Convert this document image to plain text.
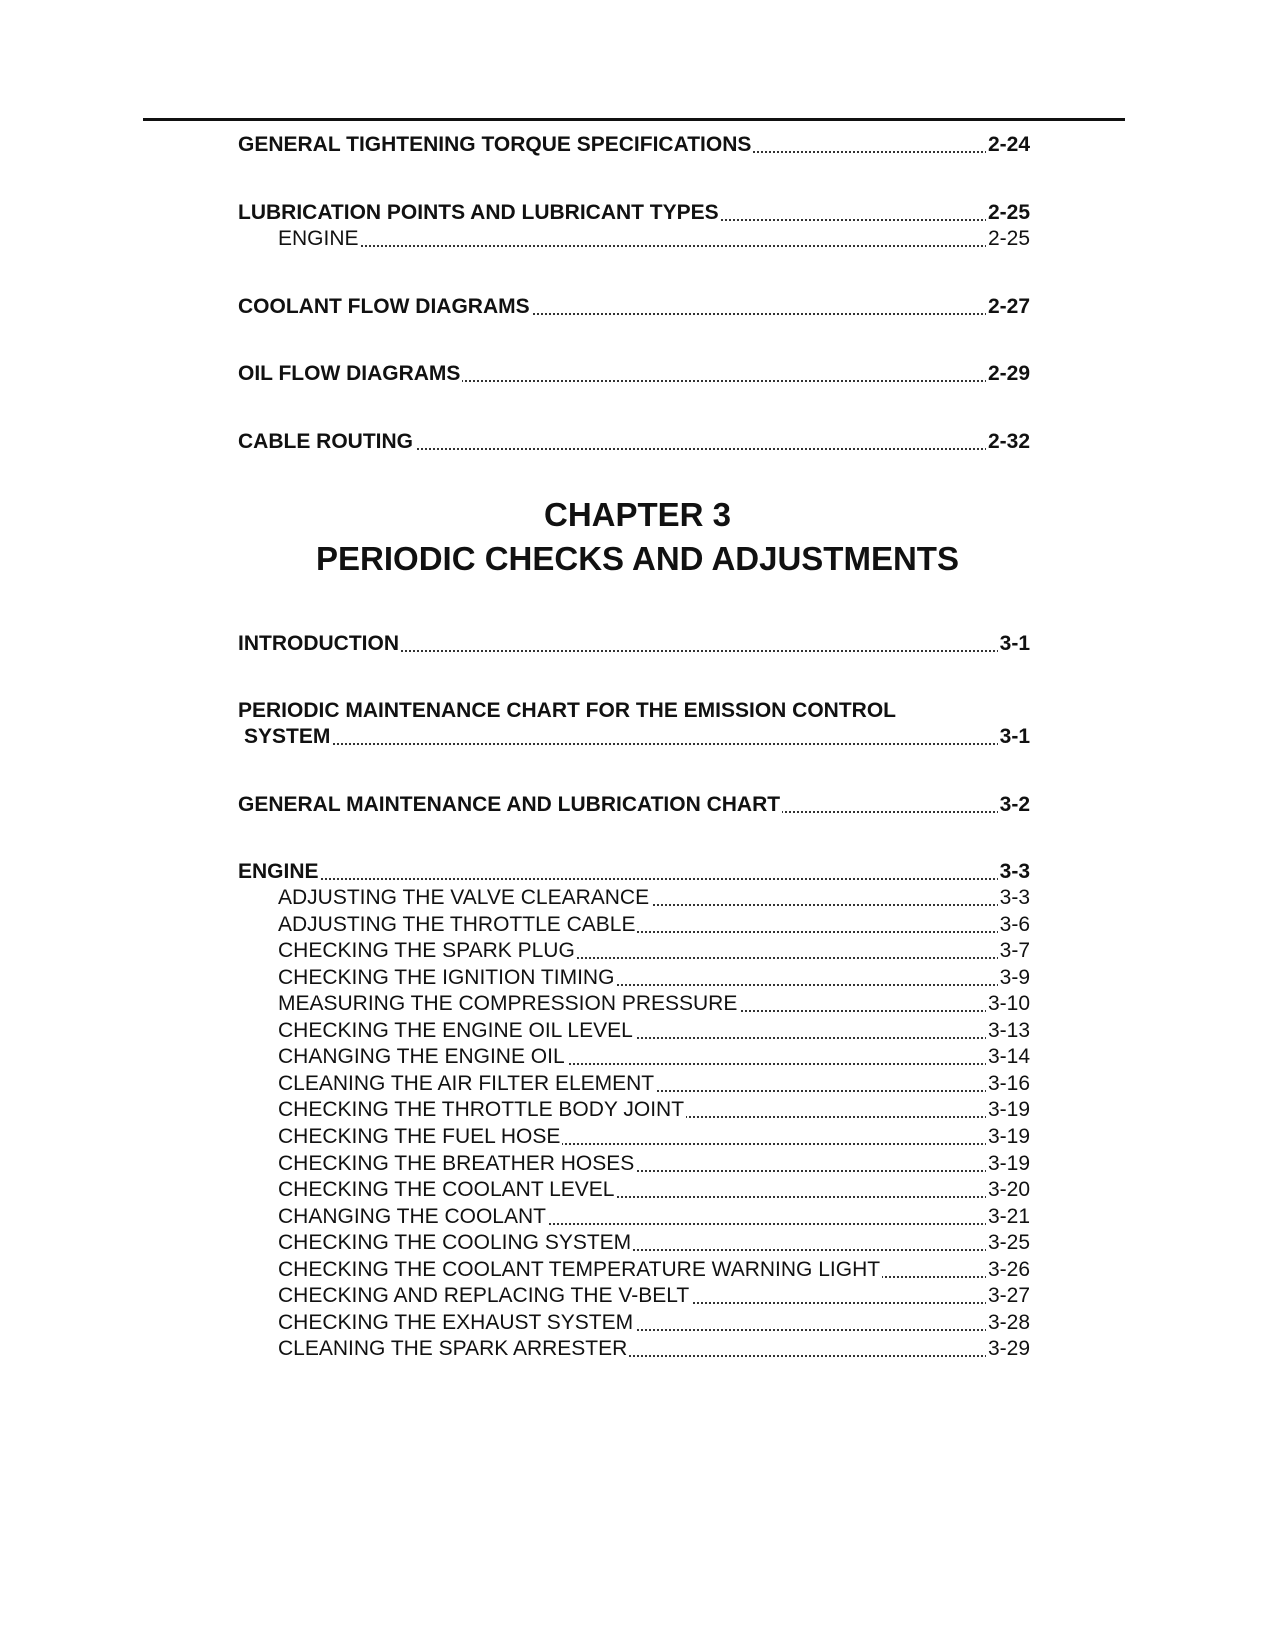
GENERAL TIGHTENING TORQUE SPECIFICATIONS	2-24
LUBRICATION POINTS AND LUBRICANT TYPES	2-25
ENGINE	2-25
COOLANT FLOW DIAGRAMS	2-27
OIL FLOW DIAGRAMS	2-29
CABLE ROUTING	2-32
CHAPTER 3
PERIODIC CHECKS AND ADJUSTMENTS
INTRODUCTION	3-1
PERIODIC MAINTENANCE CHART FOR THE EMISSION CONTROL
SYSTEM	3-1
GENERAL MAINTENANCE AND LUBRICATION CHART	3-2
ENGINE	3-3
ADJUSTING THE VALVE CLEARANCE	3-3
ADJUSTING THE THROTTLE CABLE	3-6
CHECKING THE SPARK PLUG	3-7
CHECKING THE IGNITION TIMING	3-9
MEASURING THE COMPRESSION PRESSURE	3-10
CHECKING THE ENGINE OIL LEVEL	3-13
CHANGING THE ENGINE OIL	3-14
CLEANING THE AIR FILTER ELEMENT	3-16
CHECKING THE THROTTLE BODY JOINT	3-19
CHECKING THE FUEL HOSE	3-19
CHECKING THE BREATHER HOSES	3-19
CHECKING THE COOLANT LEVEL	3-20
CHANGING THE COOLANT	3-21
CHECKING THE COOLING SYSTEM	3-25
CHECKING THE COOLANT TEMPERATURE WARNING LIGHT	3-26
CHECKING AND REPLACING THE V-BELT	3-27
CHECKING THE EXHAUST SYSTEM	3-28
CLEANING THE SPARK ARRESTER	3-29
